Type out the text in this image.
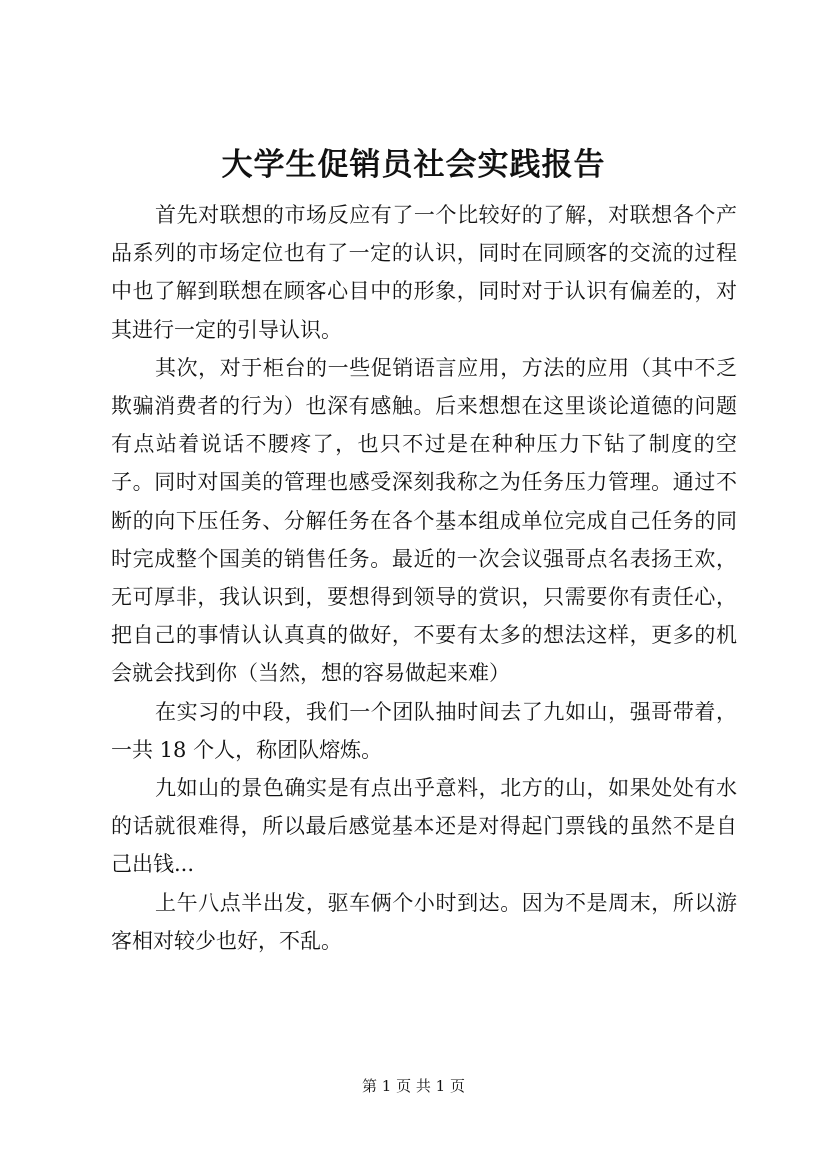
大学生促销员社会实践报告

首先对联想的市场反应有了一个比较好的了解，对联想各个产品系列的市场定位也有了一定的认识，同时在同顾客的交流的过程中也了解到联想在顾客心目中的形象，同时对于认识有偏差的，对其进行一定的引导认识。

其次，对于柜台的一些促销语言应用，方法的应用（其中不乏欺骗消费者的行为）也深有感触。后来想想在这里谈论道德的问题有点站着说话不腰疼了，也只不过是在种种压力下钻了制度的空子。同时对国美的管理也感受深刻我称之为任务压力管理。通过不断的向下压任务、分解任务在各个基本组成单位完成自己任务的同时完成整个国美的销售任务。最近的一次会议强哥点名表扬王欢，无可厚非，我认识到，要想得到领导的赏识，只需要你有责任心，把自己的事情认认真真的做好，不要有太多的想法这样，更多的机会就会找到你（当然，想的容易做起来难）

在实习的中段，我们一个团队抽时间去了九如山，强哥带着，一共 18 个人，称团队熔炼。

九如山的景色确实是有点出乎意料，北方的山，如果处处有水的话就很难得，所以最后感觉基本还是对得起门票钱的虽然不是自己出钱...

上午八点半出发，驱车俩个小时到达。因为不是周末，所以游客相对较少也好，不乱。

第 1 页 共 1 页
